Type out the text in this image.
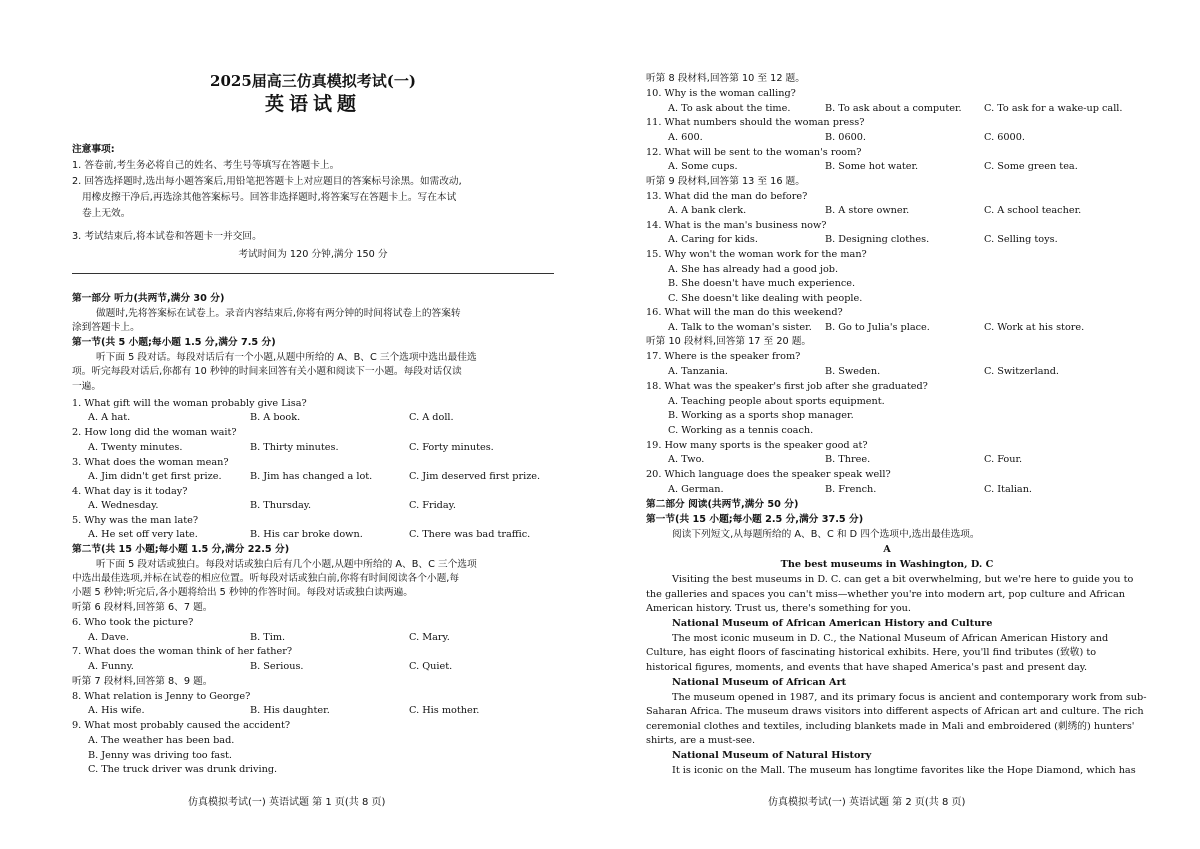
2025届高三仿真模拟考试(一)
英语试题
注意事项:
1. 答卷前,考生务必将自己的姓名、考生号等填写在答题卡上。
2. 回答选择题时,选出每小题答案后,用铅笔把答题卡上对应题目的答案标号涂黑。如需改动,
用橡皮擦干净后,再选涂其他答案标号。回答非选择题时,将答案写在答题卡上。写在本试
卷上无效。
3. 考试结束后,将本试卷和答题卡一并交回。
考试时间为 120 分钟,满分 150 分
第一部分 听力(共两节,满分 30 分)
做题时,先将答案标在试卷上。录音内容结束后,你将有两分钟的时间将试卷上的答案转
涂到答题卡上。
第一节(共 5 小题;每小题 1.5 分,满分 7.5 分)
听下面 5 段对话。每段对话后有一个小题,从题中所给的 A、B、C 三个选项中选出最佳选
项。听完每段对话后,你都有 10 秒钟的时间来回答有关小题和阅读下一小题。每段对话仅读
一遍。
1. What gift will the woman probably give Lisa?
A. A hat.	B. A book.	C. A doll.
2. How long did the woman wait?
A. Twenty minutes.	B. Thirty minutes.	C. Forty minutes.
3. What does the woman mean?
A. Jim didn't get first prize.	B. Jim has changed a lot.	C. Jim deserved first prize.
4. What day is it today?
A. Wednesday.	B. Thursday.	C. Friday.
5. Why was the man late?
A. He set off very late.	B. His car broke down.	C. There was bad traffic.
第二节(共 15 小题;每小题 1.5 分,满分 22.5 分)
听下面 5 段对话或独白。每段对话或独白后有几个小题,从题中所给的 A、B、C 三个选项
中选出最佳选项,并标在试卷的相应位置。听每段对话或独白前,你将有时间阅读各个小题,每
小题 5 秒钟;听完后,各小题将给出 5 秒钟的作答时间。每段对话或独白读两遍。
听第 6 段材料,回答第 6、7 题。
6. Who took the picture?
A. Dave.	B. Tim.	C. Mary.
7. What does the woman think of her father?
A. Funny.	B. Serious.	C. Quiet.
听第 7 段材料,回答第 8、9 题。
8. What relation is Jenny to George?
A. His wife.	B. His daughter.	C. His mother.
9. What most probably caused the accident?
A. The weather has been bad.
B. Jenny was driving too fast.
C. The truck driver was drunk driving.
仿真模拟考试(一) 英语试题 第 1 页(共 8 页)
听第 8 段材料,回答第 10 至 12 题。
10. Why is the woman calling?
A. To ask about the time.	B. To ask about a computer. C. To ask for a wake-up call.
11. What numbers should the woman press?
A. 600.	B. 0600.	C. 6000.
12. What will be sent to the woman's room?
A. Some cups.	B. Some hot water.	C. Some green tea.
听第 9 段材料,回答第 13 至 16 题。
13. What did the man do before?
A. A bank clerk.	B. A store owner.	C. A school teacher.
14. What is the man's business now?
A. Caring for kids.	B. Designing clothes.	C. Selling toys.
15. Why won't the woman work for the man?
A. She has already had a good job.
B. She doesn't have much experience.
C. She doesn't like dealing with people.
16. What will the man do this weekend?
A. Talk to the woman's sister. B. Go to Julia's place.	C. Work at his store.
听第 10 段材料,回答第 17 至 20 题。
17. Where is the speaker from?
A. Tanzania.	B. Sweden.	C. Switzerland.
18. What was the speaker's first job after she graduated?
A. Teaching people about sports equipment.
B. Working as a sports shop manager.
C. Working as a tennis coach.
19. How many sports is the speaker good at?
A. Two.	B. Three.	C. Four.
20. Which language does the speaker speak well?
A. German.	B. French.	C. Italian.
第二部分 阅读(共两节,满分 50 分)
第一节(共 15 小题;每小题 2.5 分,满分 37.5 分)
阅读下列短文,从每题所给的 A、B、C 和 D 四个选项中,选出最佳选项。
A
The best museums in Washington, D. C
Visiting the best museums in D. C. can get a bit overwhelming, but we're here to guide you to
the galleries and spaces you can't miss—whether you're into modern art, pop culture and African
American history. Trust us, there's something for you.
National Museum of African American History and Culture
The most iconic museum in D. C., the National Museum of African American History and
Culture, has eight floors of fascinating historical exhibits. Here, you'll find tributes (致敬) to
historical figures, moments, and events that have shaped America's past and present day.
National Museum of African Art
The museum opened in 1987, and its primary focus is ancient and contemporary work from sub-
Saharan Africa. The museum draws visitors into different aspects of African art and culture. The rich
ceremonial clothes and textiles, including blankets made in Mali and embroidered (刺绣的) hunters'
shirts, are a must-see.
National Museum of Natural History
It is iconic on the Mall. The museum has longtime favorites like the Hope Diamond, which has
仿真模拟考试(一) 英语试题 第 2 页(共 8 页)
